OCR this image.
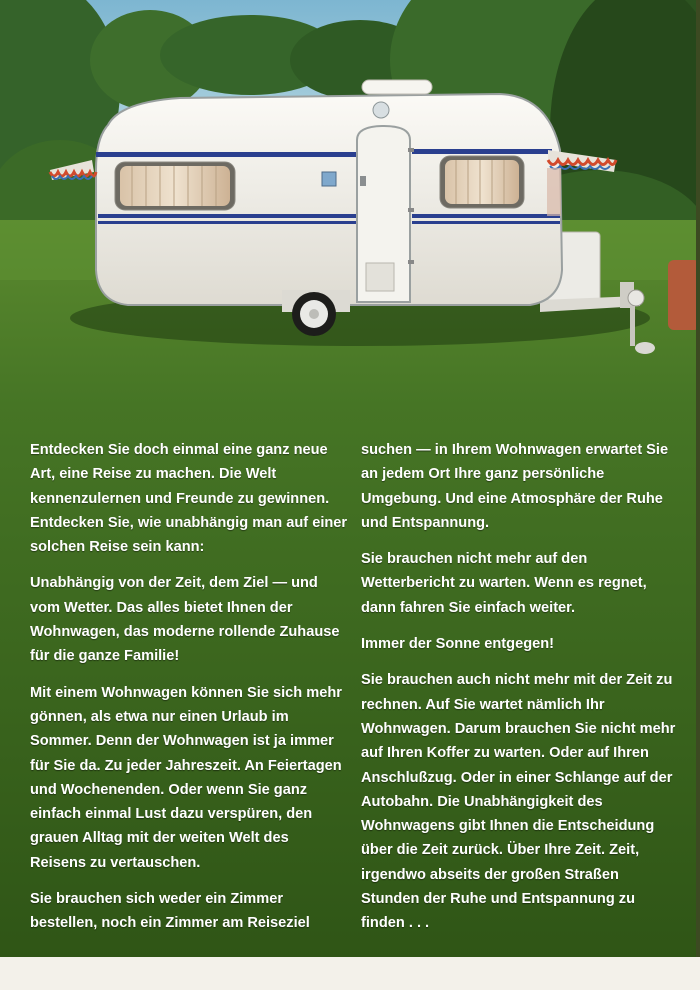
Entdecken Sie doch einmal eine ganz neue Art, eine Reise zu machen. Die Welt kennenzulernen und Freunde zu gewinnen. Entdecken Sie, wie unabhängig man auf einer solchen Reise sein kann:

Unabhängig von der Zeit, dem Ziel — und vom Wetter. Das alles bietet Ihnen der Wohnwagen, das moderne rollende Zuhause für die ganze Familie!

Mit einem Wohnwagen können Sie sich mehr gönnen, als etwa nur einen Urlaub im Sommer. Denn der Wohnwagen ist ja immer für Sie da. Zu jeder Jahreszeit. An Feiertagen und Wochenenden. Oder wenn Sie ganz einfach einmal Lust dazu verspüren, den grauen Alltag mit der weiten Welt des Reisens zu vertauschen.

Sie brauchen sich weder ein Zimmer bestellen, noch ein Zimmer am Reiseziel

suchen — in Ihrem Wohnwagen erwartet Sie an jedem Ort Ihre ganz persönliche Umgebung. Und eine Atmosphäre der Ruhe und Entspannung.

Sie brauchen nicht mehr auf den Wetterbericht zu warten. Wenn es regnet, dann fahren Sie einfach weiter.

Immer der Sonne entgegen!

Sie brauchen auch nicht mehr mit der Zeit zu rechnen. Auf Sie wartet nämlich Ihr Wohnwagen. Darum brauchen Sie nicht mehr auf Ihren Koffer zu warten. Oder auf Ihren Anschlußzug. Oder in einer Schlange auf der Autobahn. Die Unabhängigkeit des Wohnwagens gibt Ihnen die Entscheidung über die Zeit zurück. Über Ihre Zeit. Zeit, irgendwo abseits der großen Straßen Stunden der Ruhe und Entspannung zu finden . . .
